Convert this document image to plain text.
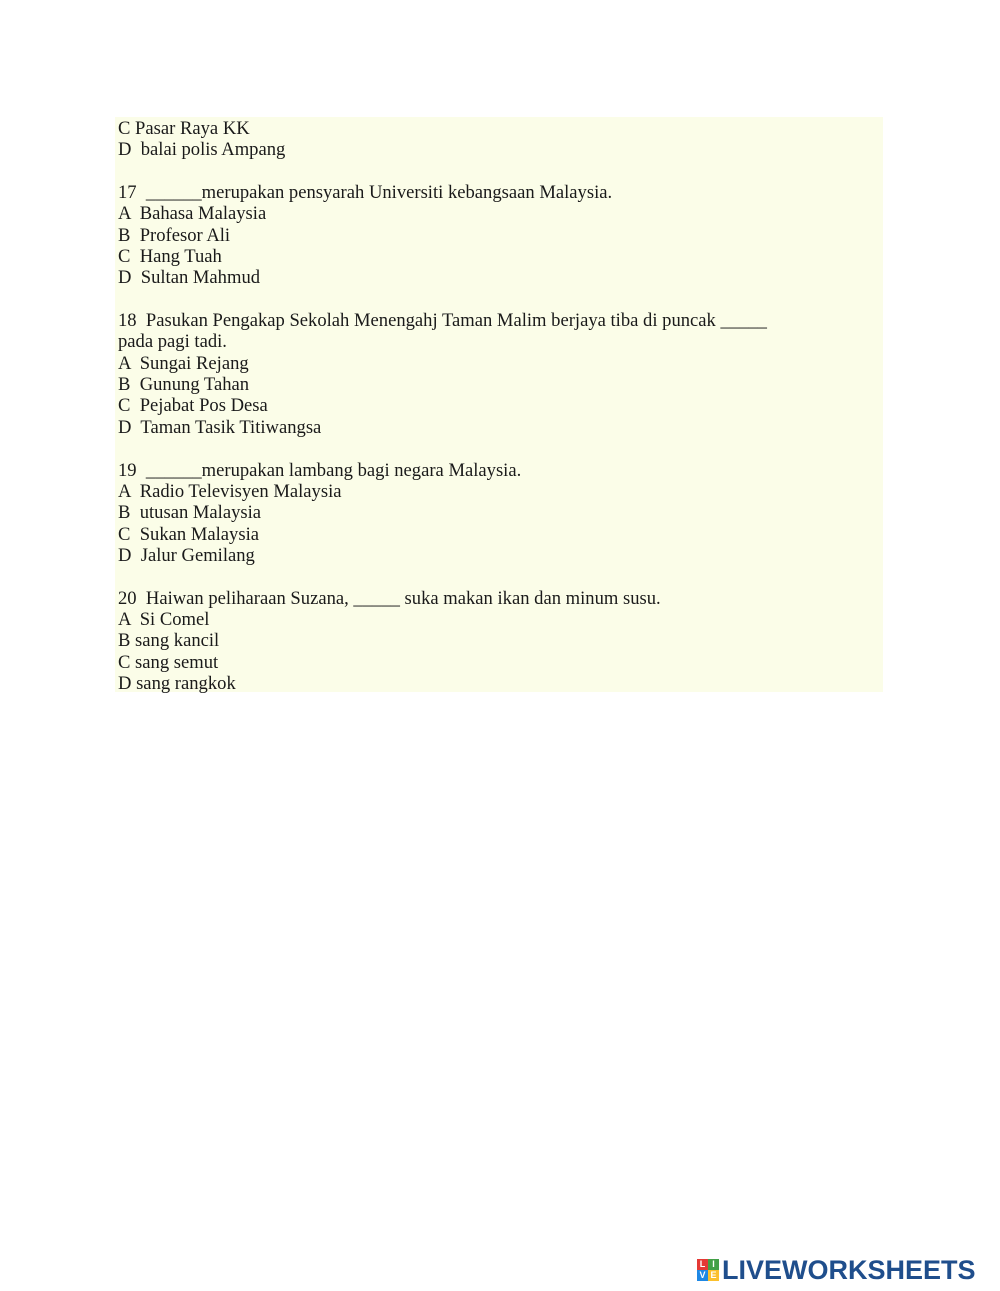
C Pasar Raya KK
D  balai polis Ampang
17  ______merupakan pensyarah Universiti kebangsaan Malaysia.
A  Bahasa Malaysia
B  Profesor Ali
C  Hang Tuah
D  Sultan Mahmud
18  Pasukan Pengakap Sekolah Menengahj Taman Malim berjaya tiba di puncak _____
pada pagi tadi.
A  Sungai Rejang
B  Gunung Tahan
C  Pejabat Pos Desa
D  Taman Tasik Titiwangsa
19  ______merupakan lambang bagi negara Malaysia.
A  Radio Televisyen Malaysia
B  utusan Malaysia
C  Sukan Malaysia
D  Jalur Gemilang
20  Haiwan peliharaan Suzana, _____ suka makan ikan dan minum susu.
A  Si Comel
B sang kancil
C sang semut
D sang rangkok
L I
V E LIVEWORKSHEETS
